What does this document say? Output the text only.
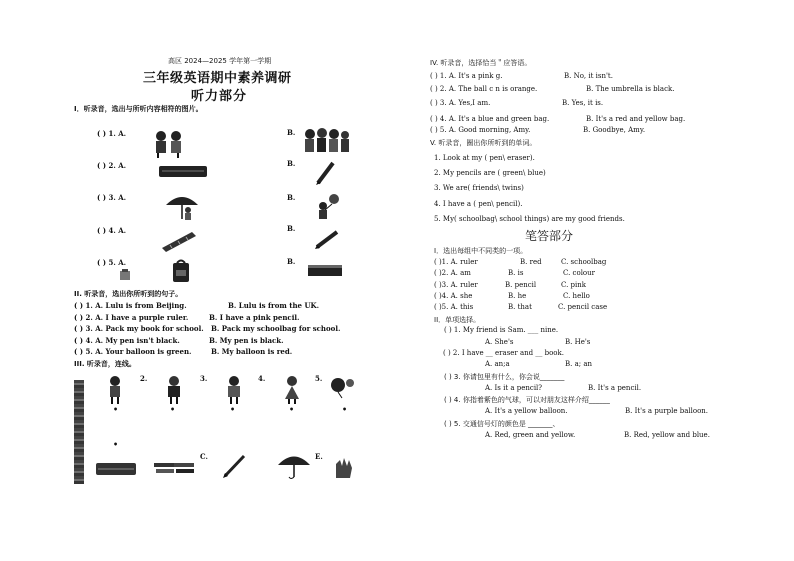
高区 2024—2025 学年第一学期
三年级英语期中素养调研
听力部分
I．听录音，选出与所听内容相符的图片。
( ) 1. A.	B.
( ) 2. A.	B.
( ) 3. A.	B.
( ) 4. A.	B.
( ) 5. A.	B.
II. 听录音，选出你所听到的句子。
( ) 1. A. Lulu is from Beijing.	B. Lulu is from the UK.
( ) 2. A. I have a purple ruler.	B. I have a pink pencil.
( ) 3. A. Pack my book for school. B. Pack my schoolbag for school.
( ) 4. A. My pen isn't black.	B. My pen is black.
( ) 5. A. Your balloon is green.	B. My balloon is red.
III. 听录音，连线。
2.	3.	4.	5.
•	•	•	•	•
•
C.	E.
IV. 听录音，选择恰当＂应答语。
( ) 1. A. It's a pink g.	B. No, it isn't.
( ) 2. A. The ball c n is orange.	B. The umbrella is black.
( ) 3. A. Yes,I am.	B. Yes, it is.
( ) 4. A. It's a blue and green bag.	B. It's a red and yellow bag.
( ) 5. A. Good morning, Amy.	B. Goodbye, Amy.
V. 听录音，圈出你所听到的单词。
1. Look at my ( pen\ eraser).
2. My pencils are ( green\ blue)
3. We are( friends\ twins)
4. I have a ( pen\ pencil).
5. My( schoolbag\ school things) are my good friends.
笔答部分
I．选出每组中不同类的一项。
( )1. A. ruler	B. red	C. schoolbag
( )2. A. am	B. is	C. colour
( )3. A. ruler	B. pencil	C. pink
( )4. A. she	B. he	C. hello
( )5. A. this	B. that	C. pencil case
II．单项选择。
( ) 1. My friend is Sam. ___ nine.
A. She's	B. He's
( ) 2. I have __ eraser and __ book.
A. an;a	B. a; an
( ) 3. 你请包里有什么，你会说_______
A. Is it a pencil?	B. It's a pencil.
( ) 4. 你指着紫色的气球，可以对朋友这样介绍______
A. It's a yellow balloon.	B. It's a purple balloon.
( ) 5. 交通信号灯的颜色是 _______、
A. Red, green and yellow.	B. Red, yellow and blue.
